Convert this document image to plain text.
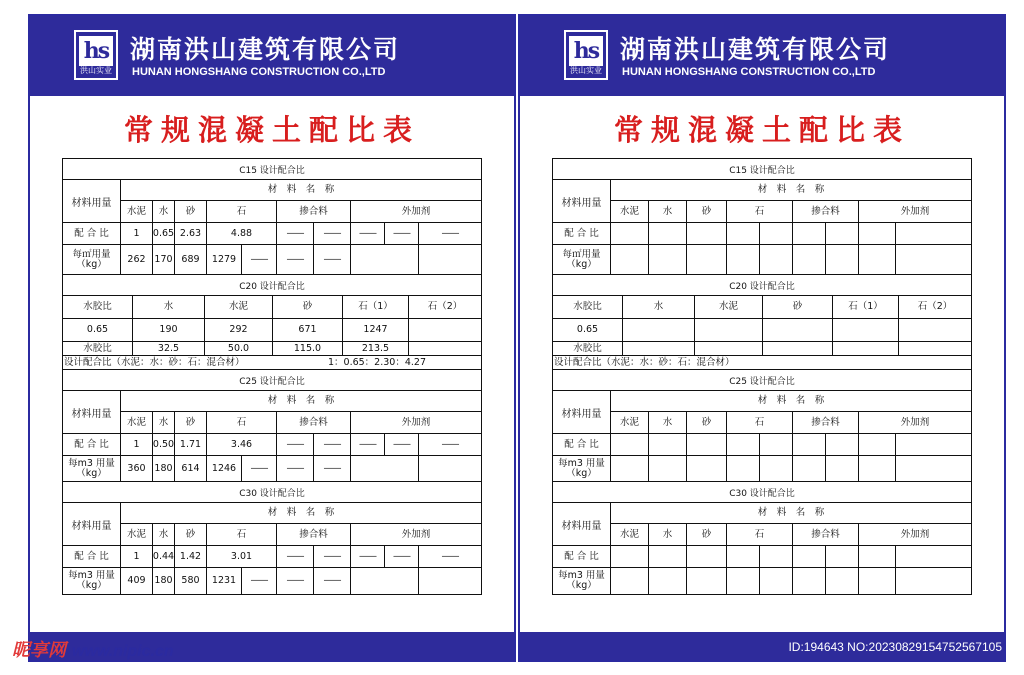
hs
洪山实业
湖南洪山建筑有限公司
HUNAN HONGSHANG CONSTRUCTION CO.,LTD
常规混凝土配比表
C15 设计配合比
材料用量
材　料　名　称
水泥	水	砂	石	掺合料	外加剂
配 合 比	1	0.65 2.63	4.88	——	——	——	——	——
每㎡用量
（kg）	262 170 689	1279	——	——	——
C20 设计配合比
水胶比	水	水泥	砂	石（1）	石（2）
0.65	190	292	671	1247
水胶比	32.5	50.0	115.0	213.5
设计配合比（水泥：水：砂：石：混合材）	1：0.65：2.30：4.27
C25 设计配合比
材料用量
材　料　名　称
水泥	水	砂	石	掺合料	外加剂
配 合 比	1	0.50 1.71	3.46	——	——	——	——	——
每m3 用量
（kg）	360 180 614	1246	——	——	——
C30 设计配合比
材料用量
材　料　名　称
水泥	水	砂	石	掺合料	外加剂
配 合 比	1	0.44 1.42	3.01	——	——	——	——	——
每m3 用量
（kg）	409 180 580	1231	——	——	——
hs
洪山实业
湖南洪山建筑有限公司
HUNAN HONGSHANG CONSTRUCTION CO.,LTD
常规混凝土配比表
C15 设计配合比
材料用量
材　料　名　称
水泥	水	砂	石	掺合料	外加剂
配 合 比
每㎡用量
（kg）
C20 设计配合比
水胶比	水	水泥	砂	石（1）	石（2）
0.65
水胶比
设计配合比（水泥：水：砂：石：混合材）
C25 设计配合比
材料用量
材　料　名　称
水泥	水	砂	石	掺合料	外加剂
配 合 比
每m3 用量
（kg）
C30 设计配合比
材料用量
材　料　名　称
水泥	水	砂	石	掺合料	外加剂
配 合 比
每m3 用量
（kg）
昵享网 www.nipic.cn	ID:194643 NO:20230829154752567105
